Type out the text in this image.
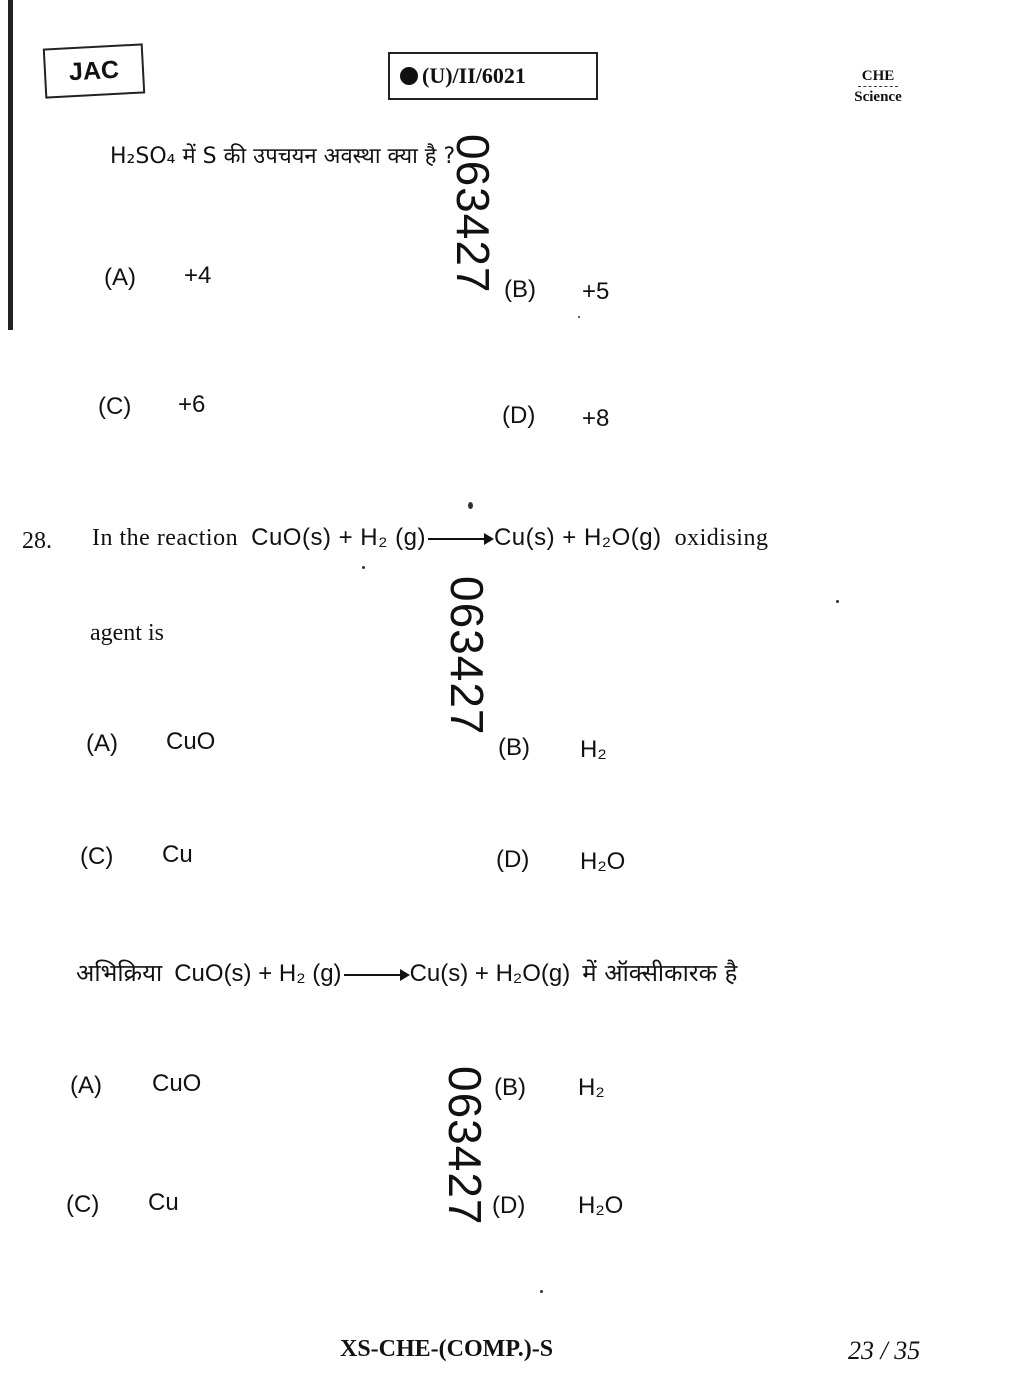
JAC	(U)/II/6021	CHE
Science
H₂SO₄ में S की उपचयन अवस्था क्या है ?
(A) +4
(B) +5
(C) +6	(D) +8
28. In the reaction CuO(s) + H₂ (g) → Cu(s) + H₂O(g) oxidising
agent is
(A) CuO	(B) H₂
(C) Cu	(D) H₂O
अभिक्रिया CuO(s) + H₂ (g) → Cu(s) + H₂O(g) में ऑक्सीकारक है
(A) CuO	(B) H₂
(C) Cu	(D) H₂O
063427
063427
063427
XS-CHE-(COMP.)-S	23 / 35
